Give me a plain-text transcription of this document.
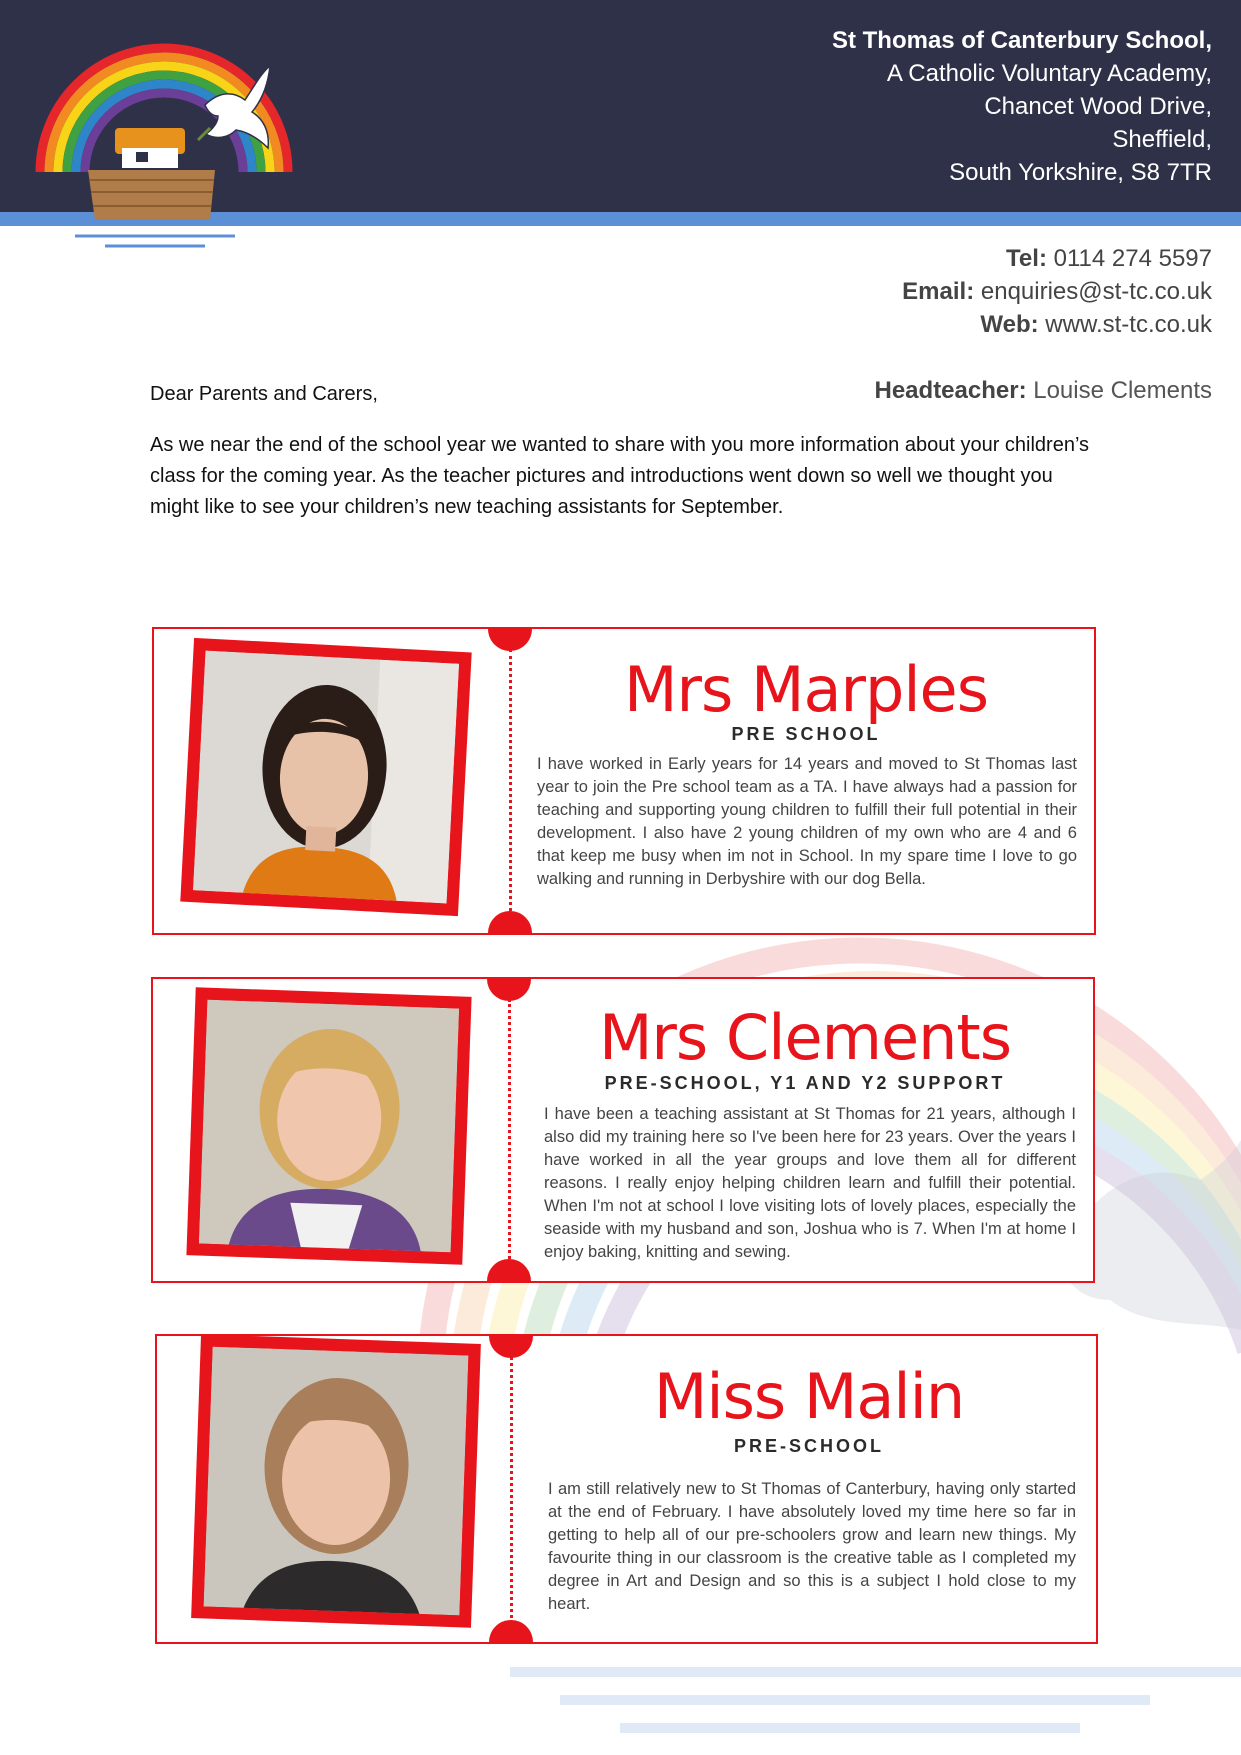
St Thomas of Canterbury School,
A Catholic Voluntary Academy,
Chancet Wood Drive,
Sheffield,
South Yorkshire, S8 7TR
Tel: 0114 274 5597
Email: enquiries@st-tc.co.uk
Web: www.st-tc.co.uk
Headteacher: Louise Clements
Dear Parents and Carers,
As we near the end of the school year we wanted to share with you more information about your children’s class for the coming year. As the teacher pictures and introductions went down so well we thought you might like to see your children’s new teaching assistants for September.
Mrs Marples
PRE SCHOOL
I have worked in Early years for 14 years and moved to St Thomas last year to join the Pre school team as a TA. I have always had a passion for teaching and supporting young children to fulfill their full potential in their development. I also have 2 young children of my own who are 4 and 6 that keep me busy when im not in School. In my spare time I love to go walking and running in Derbyshire with our dog Bella.
Mrs Clements
PRE-SCHOOL, Y1 AND Y2 SUPPORT
I have been a teaching assistant at St Thomas for 21 years, although I also did my training here so I've been here for 23 years. Over the years I have worked in all the year groups and love them all for different reasons. I really enjoy helping children learn and fulfill their potential. When I'm not at school I love visiting lots of lovely places, especially the seaside with my husband and son, Joshua who is 7. When I'm at home I enjoy baking, knitting and sewing.
Miss Malin
PRE-SCHOOL
I am still relatively new to St Thomas of Canterbury, having only started at the end of February. I have absolutely loved my time here so far in getting to help all of our pre-schoolers grow and learn new things. My favourite thing in our classroom is the creative table as I completed my degree in Art and Design and so this is a subject I hold close to my heart.
